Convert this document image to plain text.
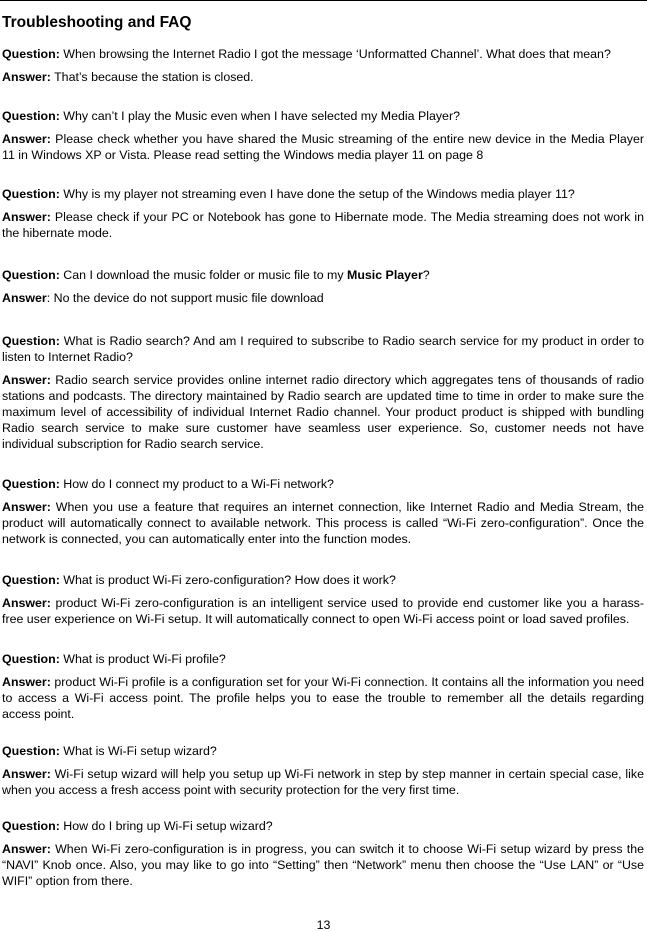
Troubleshooting and FAQ

Question: When browsing the Internet Radio I got the message ‘Unformatted Channel’. What does that mean?

Answer: That’s because the station is closed.

Question: Why can’t I play the Music even when I have selected my Media Player?

Answer: Please check whether you have shared the Music streaming of the entire new device in the Media Player 11 in Windows XP or Vista. Please read setting the Windows media player 11 on page 8

Question: Why is my player not streaming even I have done the setup of the Windows media player 11?

Answer: Please check if your PC or Notebook has gone to Hibernate mode. The Media streaming does not work in the hibernate mode.

Question: Can I download the music folder or music file to my Music Player?

Answer: No the device do not support music file download

Question: What is Radio search? And am I required to subscribe to Radio search service for my product in order to listen to Internet Radio?

Answer: Radio search service provides online internet radio directory which aggregates tens of thousands of radio stations and podcasts. The directory maintained by Radio search are updated time to time in order to make sure the maximum level of accessibility of individual Internet Radio channel. Your product product is shipped with bundling Radio search service to make sure customer have seamless user experience. So, customer needs not have individual subscription for Radio search service.

Question: How do I connect my product to a Wi-Fi network?

Answer: When you use a feature that requires an internet connection, like Internet Radio and Media Stream, the product will automatically connect to available network. This process is called “Wi-Fi zero-configuration”. Once the network is connected, you can automatically enter into the function modes.

Question: What is product Wi-Fi zero-configuration? How does it work?

Answer: product Wi-Fi zero-configuration is an intelligent service used to provide end customer like you a harass-free user experience on Wi-Fi setup. It will automatically connect to open Wi-Fi access point or load saved profiles.

Question: What is product Wi-Fi profile?

Answer: product Wi-Fi profile is a configuration set for your Wi-Fi connection. It contains all the information you need to access a Wi-Fi access point. The profile helps you to ease the trouble to remember all the details regarding access point.

Question: What is Wi-Fi setup wizard?

Answer: Wi-Fi setup wizard will help you setup up Wi-Fi network in step by step manner in certain special case, like when you access a fresh access point with security protection for the very first time.

Question: How do I bring up Wi-Fi setup wizard?

Answer: When Wi-Fi zero-configuration is in progress, you can switch it to choose Wi-Fi setup wizard by press the “NAVI” Knob once. Also, you may like to go into “Setting” then “Network” menu then choose the “Use LAN” or “Use WIFI” option from there.

13
